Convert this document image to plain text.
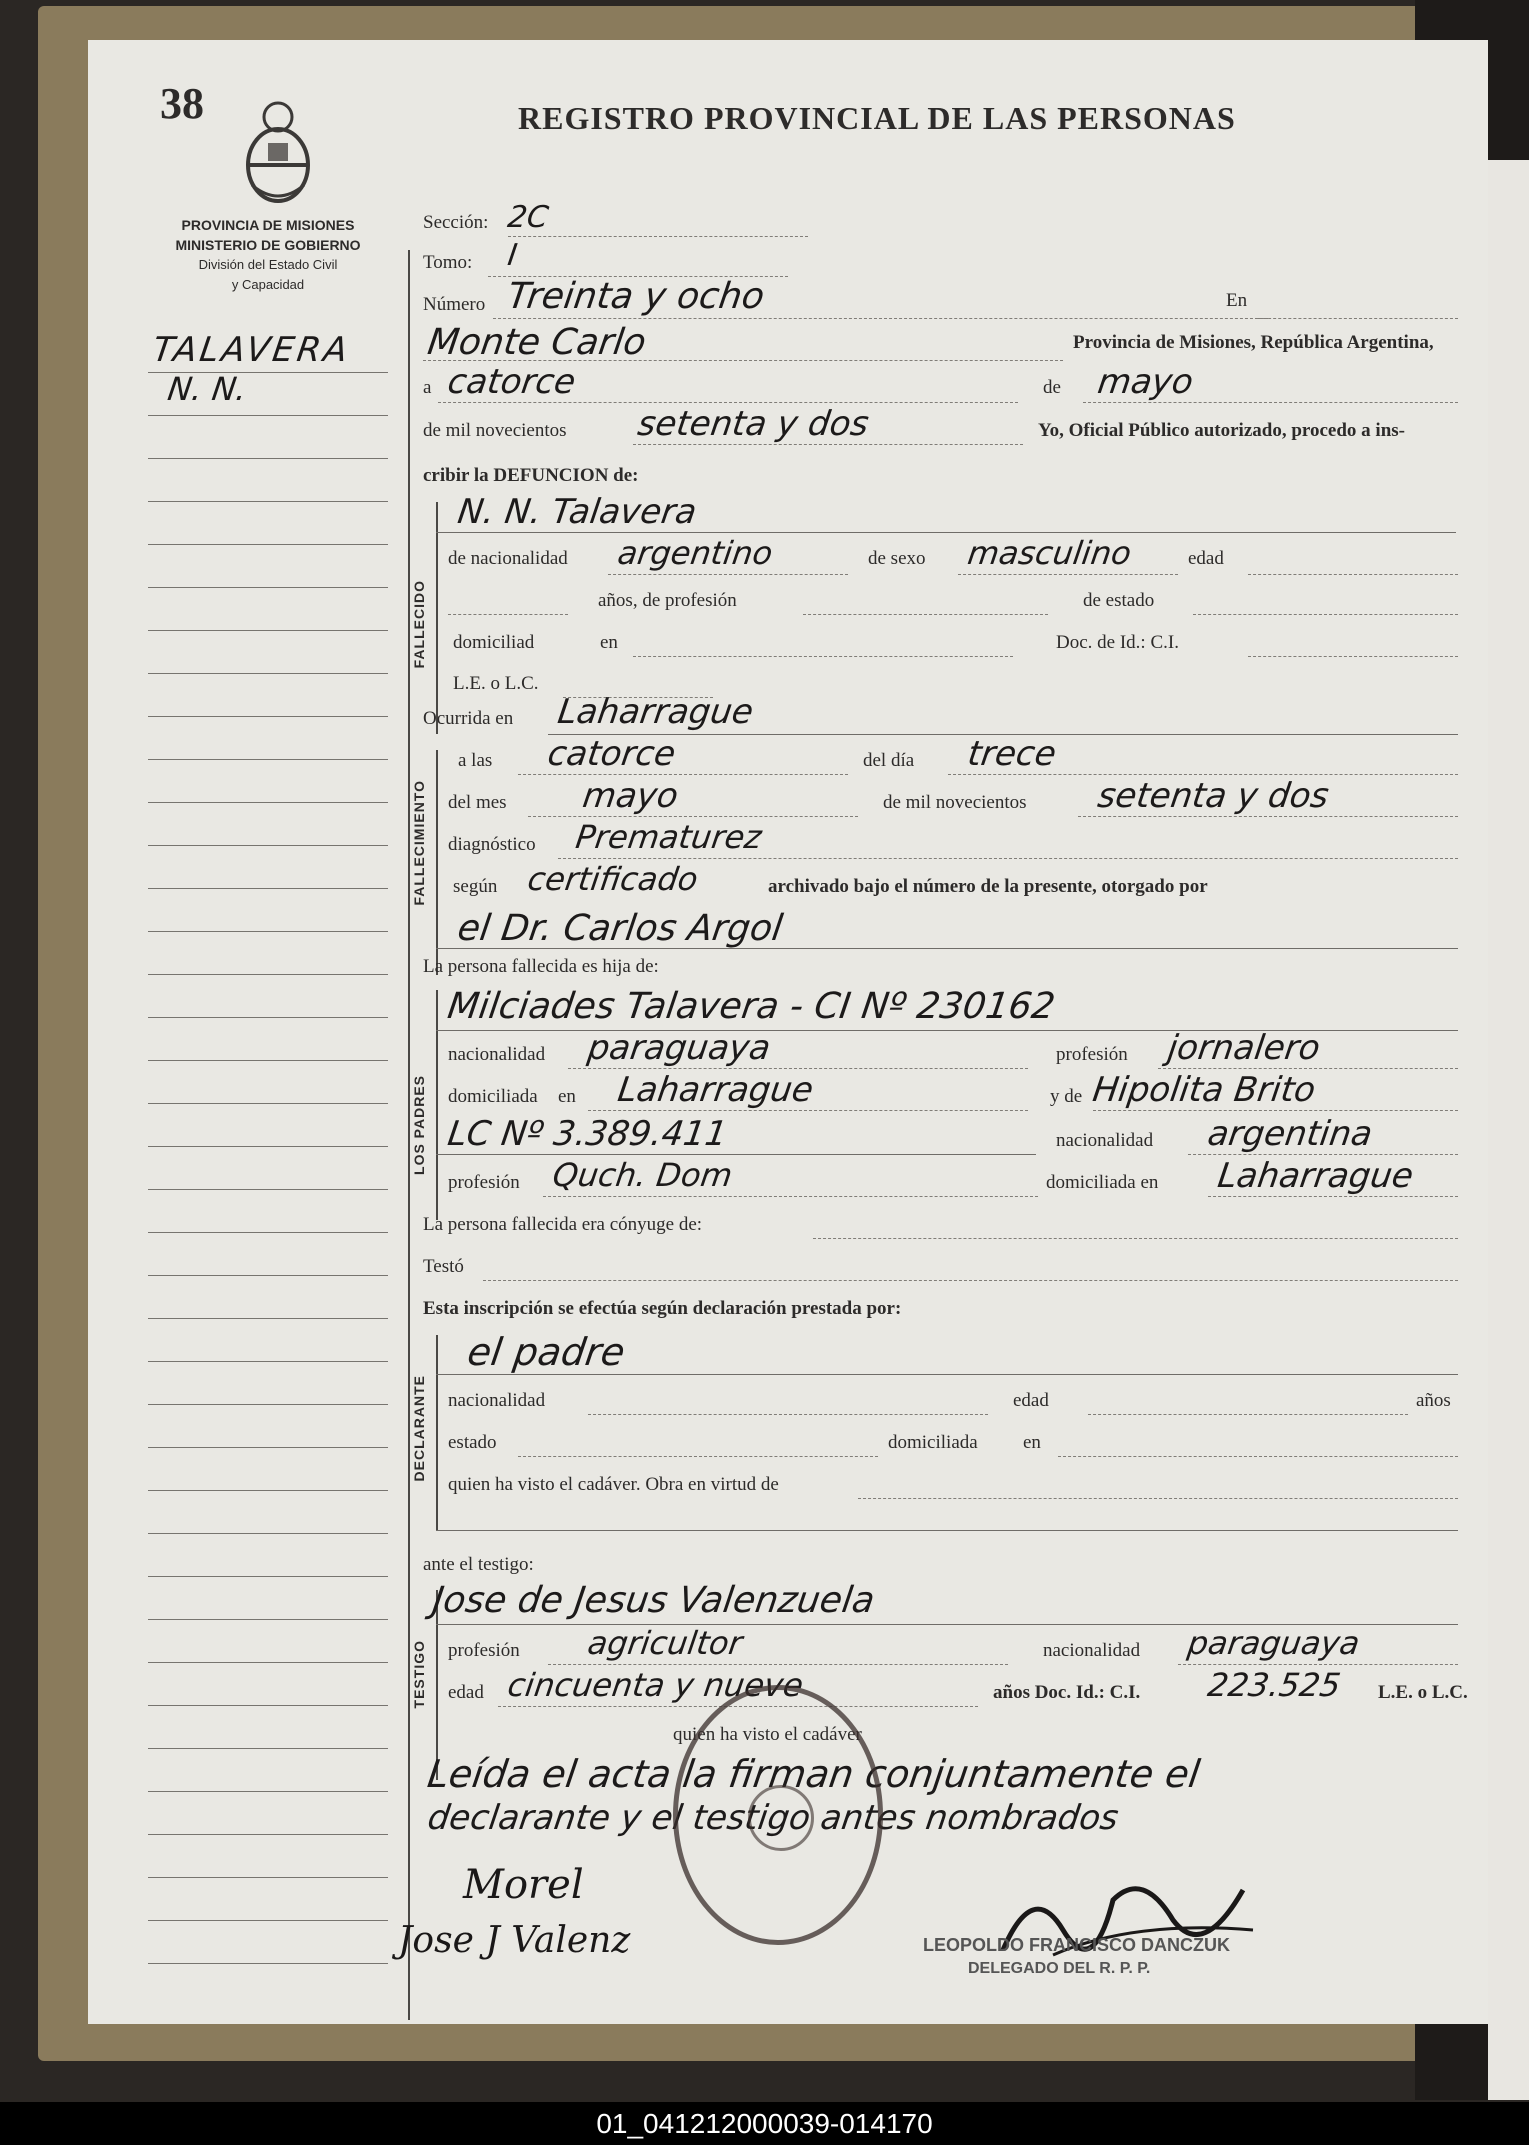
38	REGISTRO PROVINCIAL DE LAS PERSONAS
PROVINCIA DE MISIONES
MINISTERIO DE GOBIERNO
División del Estado Civil
y Capacidad
TALAVERA
N. N.
Sección: 2C
Tomo: I
Número Treinta y ocho	En
Monte Carlo	Provincia de Misiones, República Argentina,
a catorce	de mayo
de mil novecientos setenta y dos	Yo, Oficial Público autorizado, procedo a ins-
cribir la DEFUNCION de:
FALLECIDO
N. N. Talavera
de nacionalidad argentino	de sexo masculino	edad
años, de profesión	de estado
domiciliad	en	Doc. de Id.: C.I.
L.E. o L.C.
Ocurrida en Laharrague
FALLECIMIENTO
a las catorce	del día trece
del mes mayo	de mil novecientos setenta y dos
diagnóstico Prematurez
según certificado	archivado bajo el número de la presente, otorgado por
el Dr. Carlos Argol
La persona fallecida es hija de:
LOS PADRES
Milciades Talavera - CI Nº 230162
nacionalidad paraguaya	profesión jornalero
domiciliada en Laharrague	y de Hipolita Brito
LC Nº 3.389.411	nacionalidad argentina
profesión Quch. Dom	domiciliada en Laharrague
La persona fallecida era cónyuge de:
Testó
Esta inscripción se efectúa según declaración prestada por:
DECLARANTE
el padre
nacionalidad	edad	años
estado	domiciliada en
quien ha visto el cadáver. Obra en virtud de
ante el testigo:
TESTIGO
Jose de Jesus Valenzuela
profesión agricultor	nacionalidad paraguaya
edad cincuenta y nueve	años Doc. Id.: C.I. 223.525 L.E. o L.C.
quien ha visto el cadáver
Leída el acta la firman conjuntamente el
declarante y el testigo antes nombrados
Morel
Jose J Valenz	LEOPOLDO FRANCISCO DANCZUK
DELEGADO DEL R. P. P.
01_041212000039-014170
